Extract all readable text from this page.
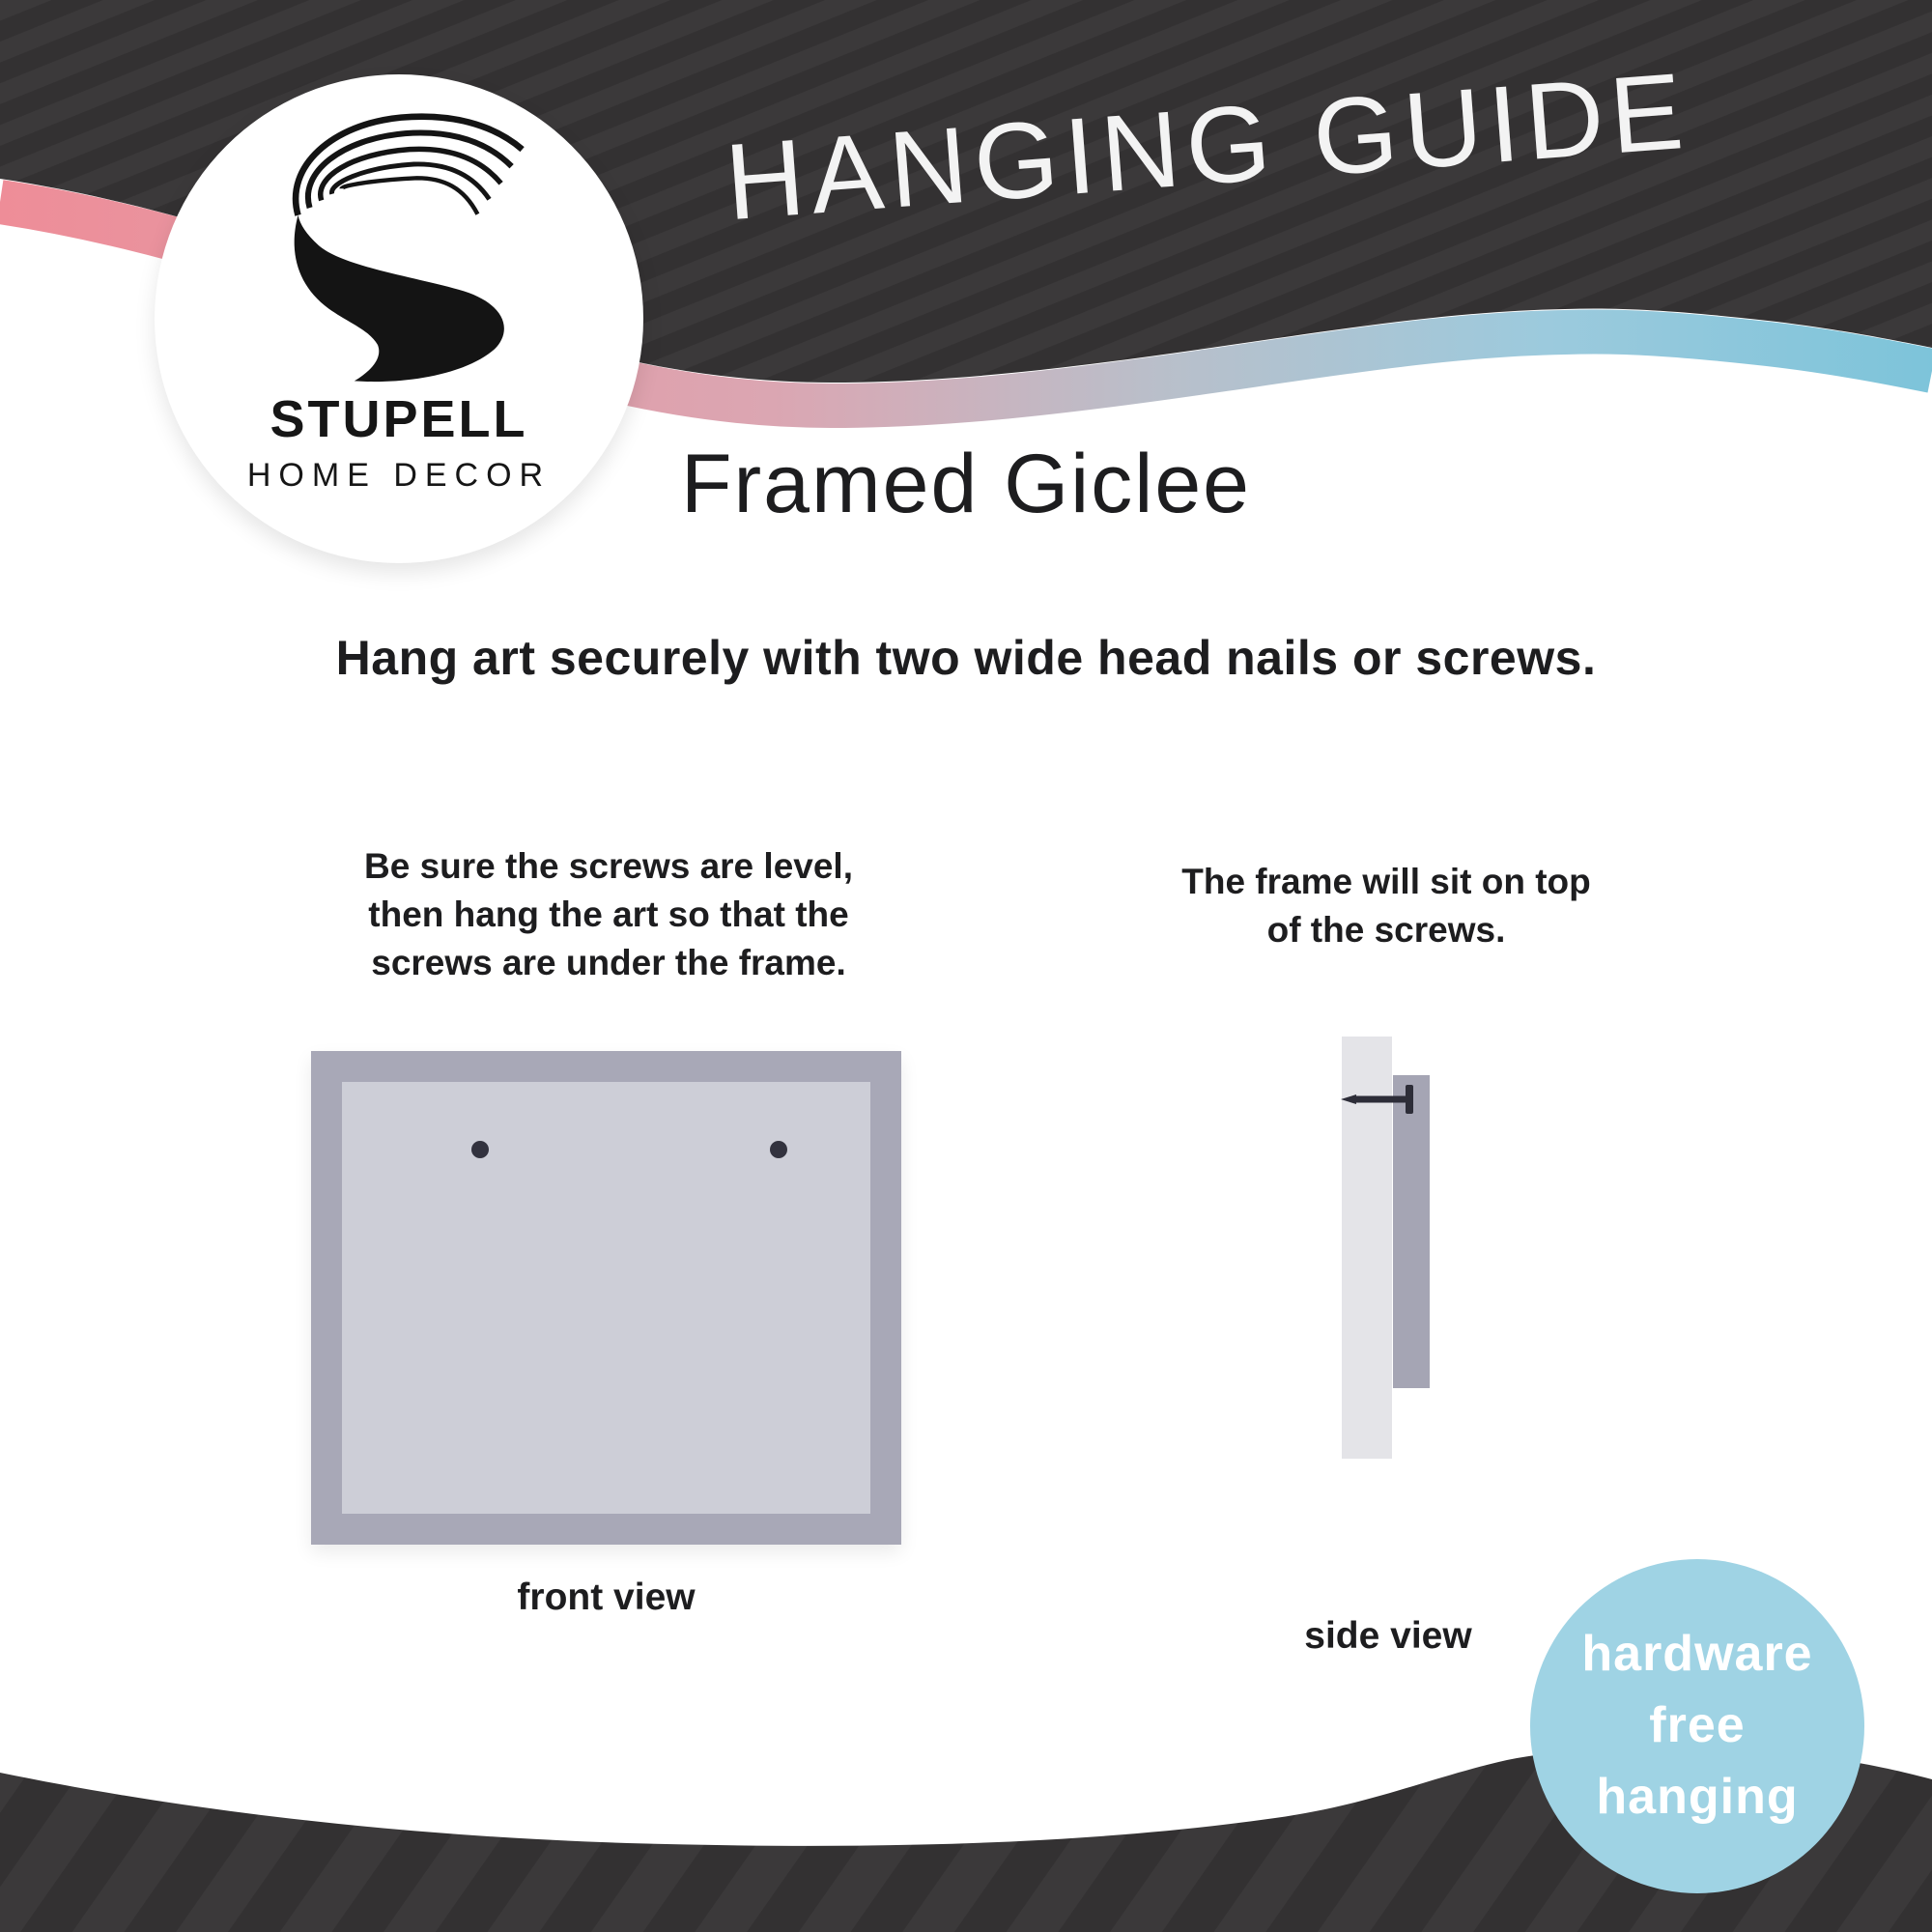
HANGING GUIDE
STUPELL
HOME DECOR	Framed Giclee
Hang art securely with two wide head nails or screws.
Be sure the screws are level,
then hang the art so that the
screws are under the frame.
The frame will sit on top
of the screws.
front view
side view	hardware
free
hanging
